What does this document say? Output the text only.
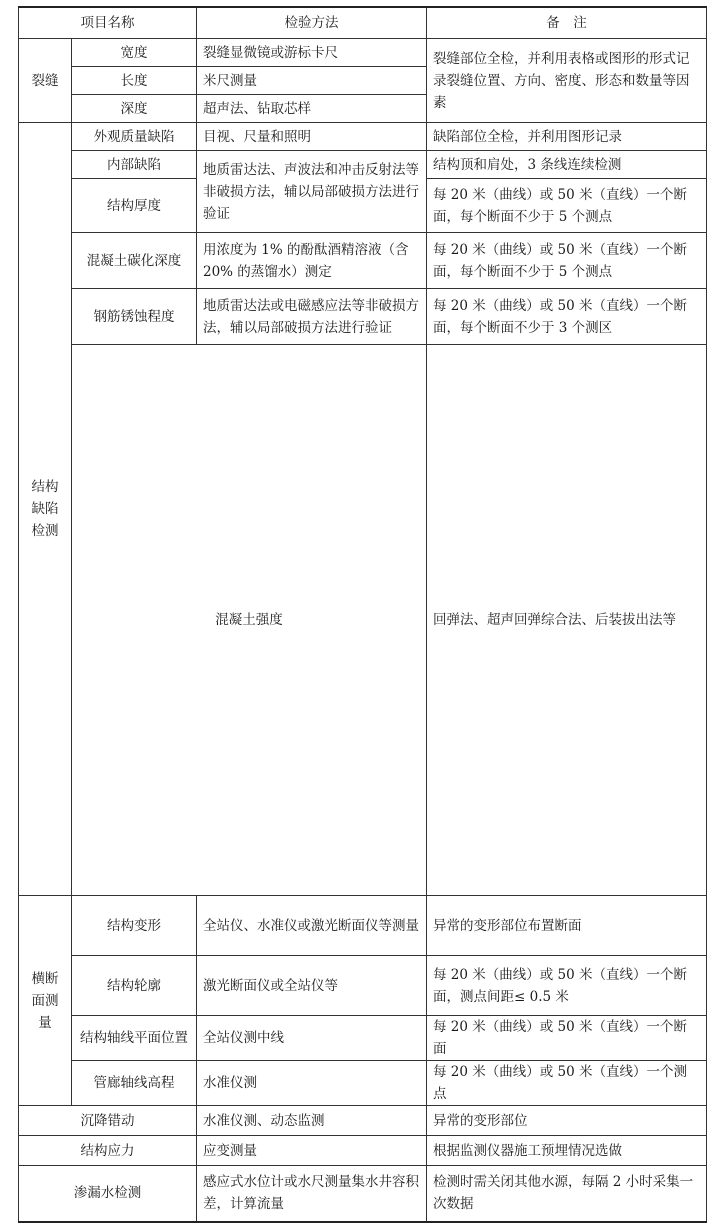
项目名称		检验方法	备　注	
裂缝	宽度	裂缝显微镜或游标卡尺	裂缝部位全检，并利用表格或图形的形式记录裂缝位置、方向、密度、形态和数量等因素	
	长度	米尺测量		
	深度	超声法、钻取芯样		
结构缺陷检测	外观质量缺陷	目视、尺量和照明	缺陷部位全检，并利用图形记录	
	内部缺陷	地质雷达法、声波法和冲击反射法等非破损方法，辅以局部破损方法进行验证	结构顶和肩处，3 条线连续检测	
	结构厚度		每 20 米（曲线）或 50 米（直线）一个断面，每个断面不少于 5 个测点	
	混凝土碳化深度	用浓度为 1% 的酚酞酒精溶液（含 20% 的蒸馏水）测定	每 20 米（曲线）或 50 米（直线）一个断面，每个断面不少于 5 个测点	
	钢筋锈蚀程度	地质雷达法或电磁感应法等非破损方法，辅以局部破损方法进行验证	每 20 米（曲线）或 50 米（直线）一个断面，每个断面不少于 3 个测区	
	混凝土强度		回弹法、超声回弹综合法、后装拔出法等	
横断面测量	结构变形	全站仪、水准仪或激光断面仪等测量	异常的变形部位布置断面	
	结构轮廓	激光断面仪或全站仪等	每 20 米（曲线）或 50 米（直线）一个断面，测点间距≤ 0.5 米	
	结构轴线平面位置	全站仪测中线	每 20 米（曲线）或 50 米（直线）一个断面	
	管廊轴线高程	水准仪测	每 20 米（曲线）或 50 米（直线）一个测点	
沉降错动		水准仪测、动态监测	异常的变形部位	
结构应力		应变测量	根据监测仪器施工预埋情况选做	
渗漏水检测		感应式水位计或水尺测量集水井容积差，计算流量	检测时需关闭其他水源，每隔 2 小时采集一次数据	
